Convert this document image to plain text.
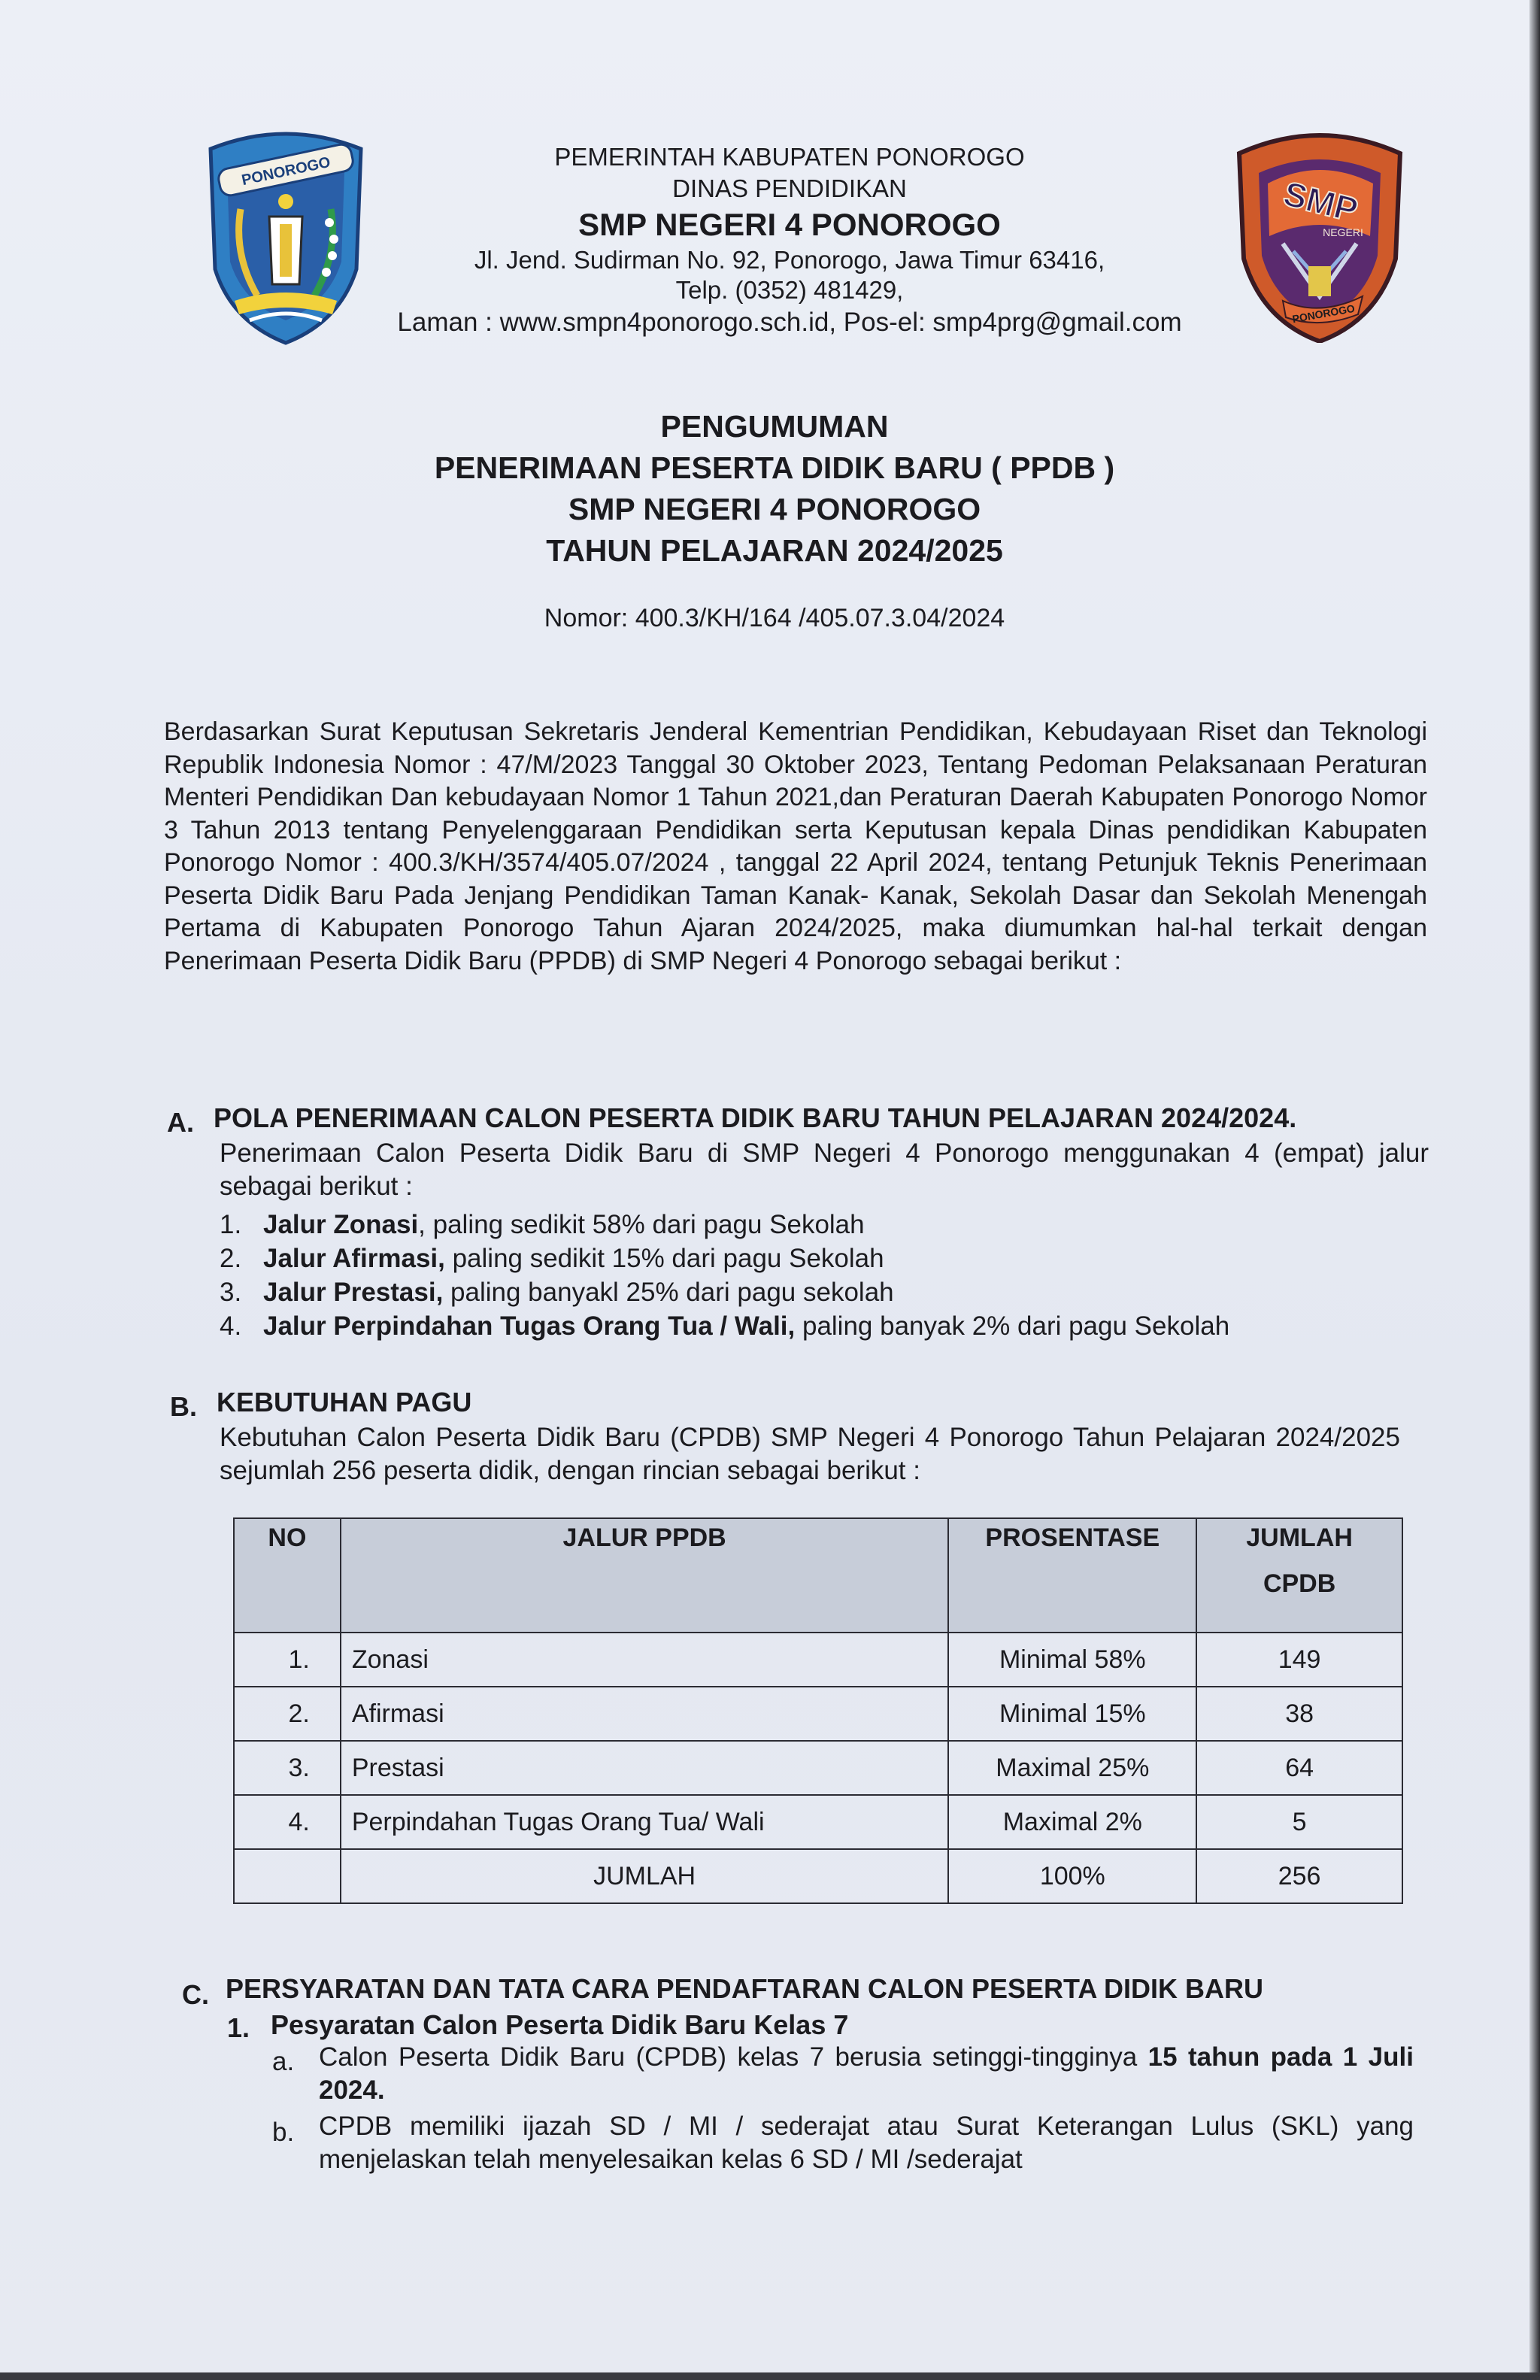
PONOROGO	PEMERINTAH KABUPATEN PONOROGO
DINAS PENDIDIKAN
SMP NEGERI 4 PONOROGO
Jl. Jend. Sudirman No. 92, Ponorogo, Jawa Timur 63416,
Telp. (0352) 481429,
Laman : www.smpn4ponorogo.sch.id, Pos-el: smp4prg@gmail.com
SMP
NEGERI
PONOROGO
PENGUMUMAN
PENERIMAAN PESERTA DIDIK BARU ( PPDB )
SMP NEGERI 4 PONOROGO
TAHUN PELAJARAN 2024/2025
Nomor: 400.3/KH/164 /405.07.3.04/2024
Berdasarkan Surat Keputusan Sekretaris Jenderal Kementrian Pendidikan, Kebudayaan Riset dan Teknologi Republik Indonesia Nomor : 47/M/2023 Tanggal 30 Oktober 2023, Tentang Pedoman Pelaksanaan Peraturan Menteri Pendidikan Dan kebudayaan Nomor 1 Tahun 2021,dan Peraturan Daerah Kabupaten Ponorogo Nomor 3 Tahun 2013 tentang Penyelenggaraan Pendidikan serta Keputusan kepala Dinas pendidikan Kabupaten Ponorogo Nomor : 400.3/KH/3574/405.07/2024 , tanggal 22 April 2024, tentang Petunjuk Teknis Penerimaan Peserta Didik Baru Pada Jenjang Pendidikan Taman Kanak- Kanak, Sekolah Dasar dan Sekolah Menengah Pertama di Kabupaten Ponorogo Tahun Ajaran 2024/2025, maka diumumkan hal-hal terkait dengan Penerimaan Peserta Didik Baru (PPDB) di SMP Negeri 4 Ponorogo sebagai berikut :
A. POLA PENERIMAAN CALON PESERTA DIDIK BARU TAHUN PELAJARAN 2024/2024.
Penerimaan Calon Peserta Didik Baru di SMP Negeri 4 Ponorogo menggunakan 4 (empat) jalur sebagai berikut :
1. Jalur Zonasi, paling sedikit 58% dari pagu Sekolah
2. Jalur Afirmasi, paling sedikit 15% dari pagu Sekolah
3. Jalur Prestasi, paling banyakl 25% dari pagu sekolah
4. Jalur Perpindahan Tugas Orang Tua / Wali, paling banyak 2% dari pagu Sekolah
B. KEBUTUHAN PAGU
Kebutuhan Calon Peserta Didik Baru (CPDB) SMP Negeri 4 Ponorogo Tahun Pelajaran 2024/2025 sejumlah 256 peserta didik, dengan rincian sebagai berikut :
NO	JALUR PPDB	PROSENTASE	JUMLAH
CPDB

1.	Zonasi	Minimal 58%	149
2.	Afirmasi	Minimal 15%	38
3.	Prestasi	Maximal 25%	64
4.	Perpindahan Tugas Orang Tua/ Wali	Maximal 2%	5
	JUMLAH	100%	256
C. PERSYARATAN DAN TATA CARA PENDAFTARAN CALON PESERTA DIDIK BARU
1. Pesyaratan Calon Peserta Didik Baru Kelas 7
a. Calon Peserta Didik Baru (CPDB) kelas 7 berusia setinggi-tingginya 15 tahun pada 1 Juli 2024.
b. CPDB memiliki ijazah SD / MI / sederajat atau Surat Keterangan Lulus (SKL) yang menjelaskan telah menyelesaikan kelas 6 SD / MI /sederajat
